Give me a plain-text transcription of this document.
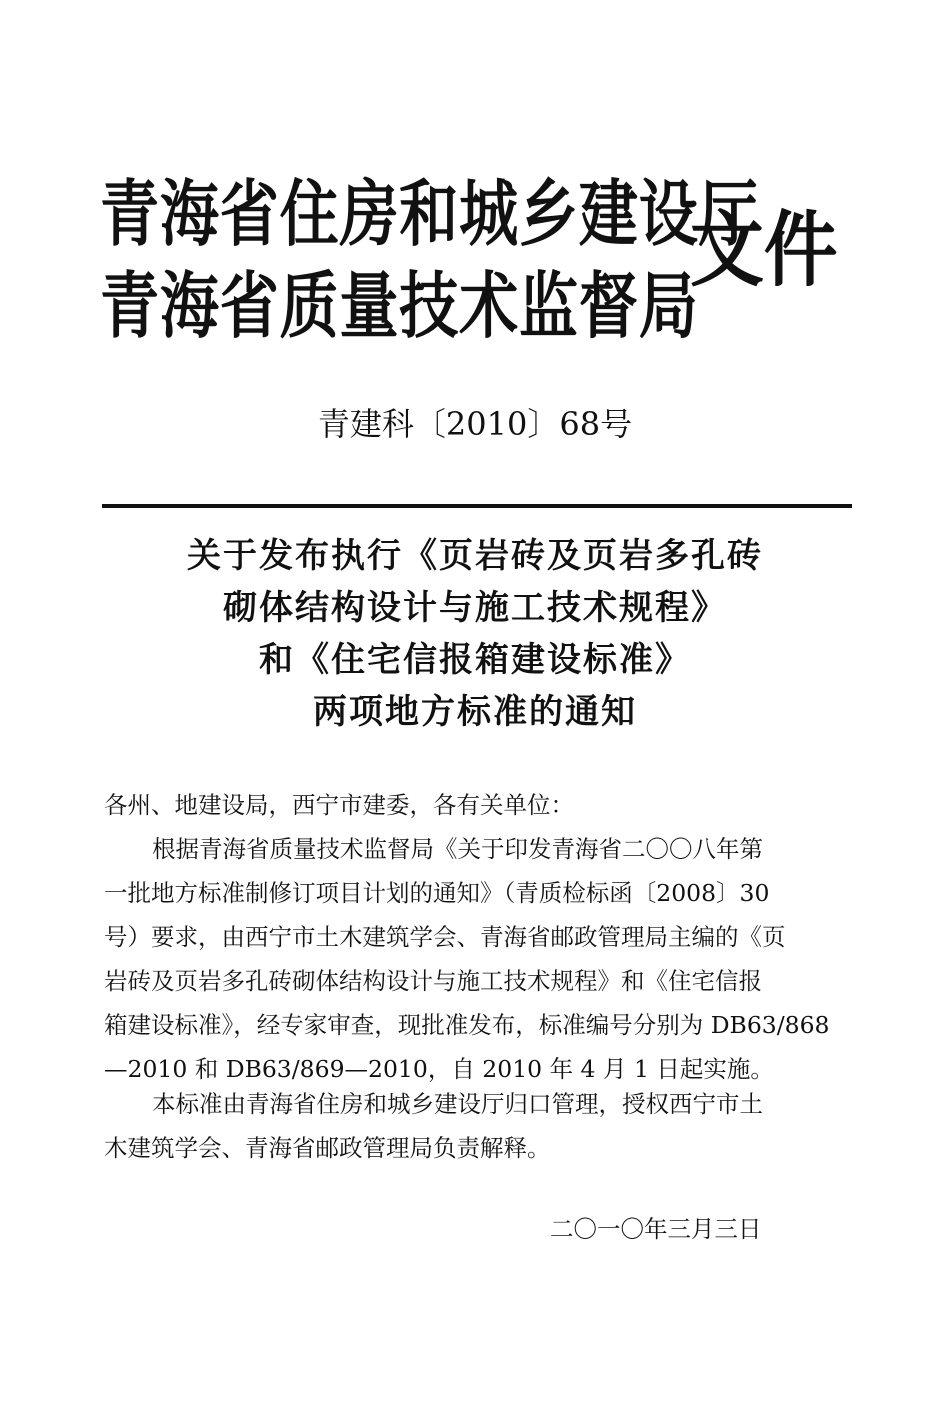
青海省住房和城乡建设厅
青海省质量技术监督局
文件
青建科〔2010〕68号
关于发布执行《页岩砖及页岩多孔砖
砌体结构设计与施工技术规程》
和《住宅信报箱建设标准》
两项地方标准的通知
各州、地建设局，西宁市建委，各有关单位：
根据青海省质量技术监督局《关于印发青海省二〇〇八年第
一批地方标准制修订项目计划的通知》（青质检标函〔2008〕30
号）要求，由西宁市土木建筑学会、青海省邮政管理局主编的《页
岩砖及页岩多孔砖砌体结构设计与施工技术规程》和《住宅信报
箱建设标准》，经专家审查，现批准发布，标准编号分别为 DB63/868
—2010 和 DB63/869—2010，自 2010 年 4 月 1 日起实施。
本标准由青海省住房和城乡建设厅归口管理，授权西宁市土
木建筑学会、青海省邮政管理局负责解释。
二〇一〇年三月三日
